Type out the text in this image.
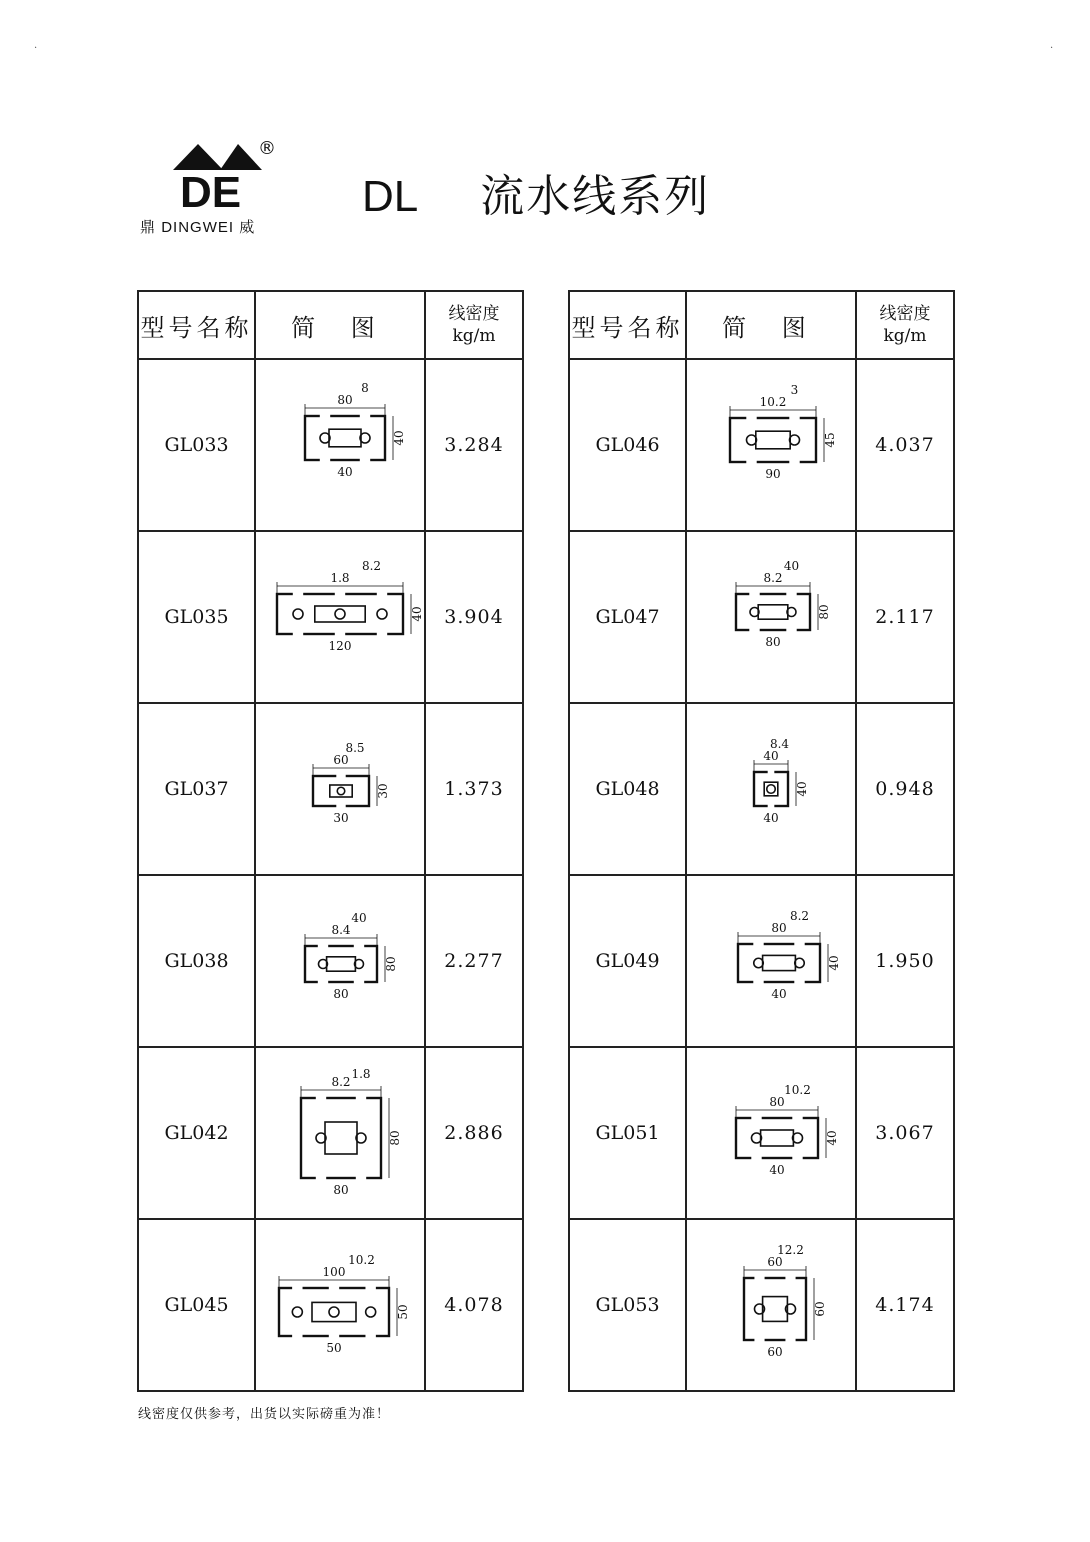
.	.
DE
®
鼎 DINGWEI 威
DL 流水线系列
型号名称	简 图	线密度
kg/m
GL033	80
40
8
40	3.284
GL035	1.8
120
8.2
40	3.904
GL037	60
30
8.5
30	1.373
GL038	8.4
80
40
80	2.277
GL042	8.2
80
1.8
80	2.886
GL045	100
50
10.2
50	4.078
型号名称	简 图	线密度
kg/m
GL046	10.2
90
3
45	4.037
GL047	8.2
80
40
80	2.117
GL048	40
40
8.4
40	0.948
GL049	80
40
8.2
40	1.950
GL051	80
40
10.2
40	3.067
GL053	60
60
12.2
60	4.174
线密度仅供参考，出货以实际磅重为准！
